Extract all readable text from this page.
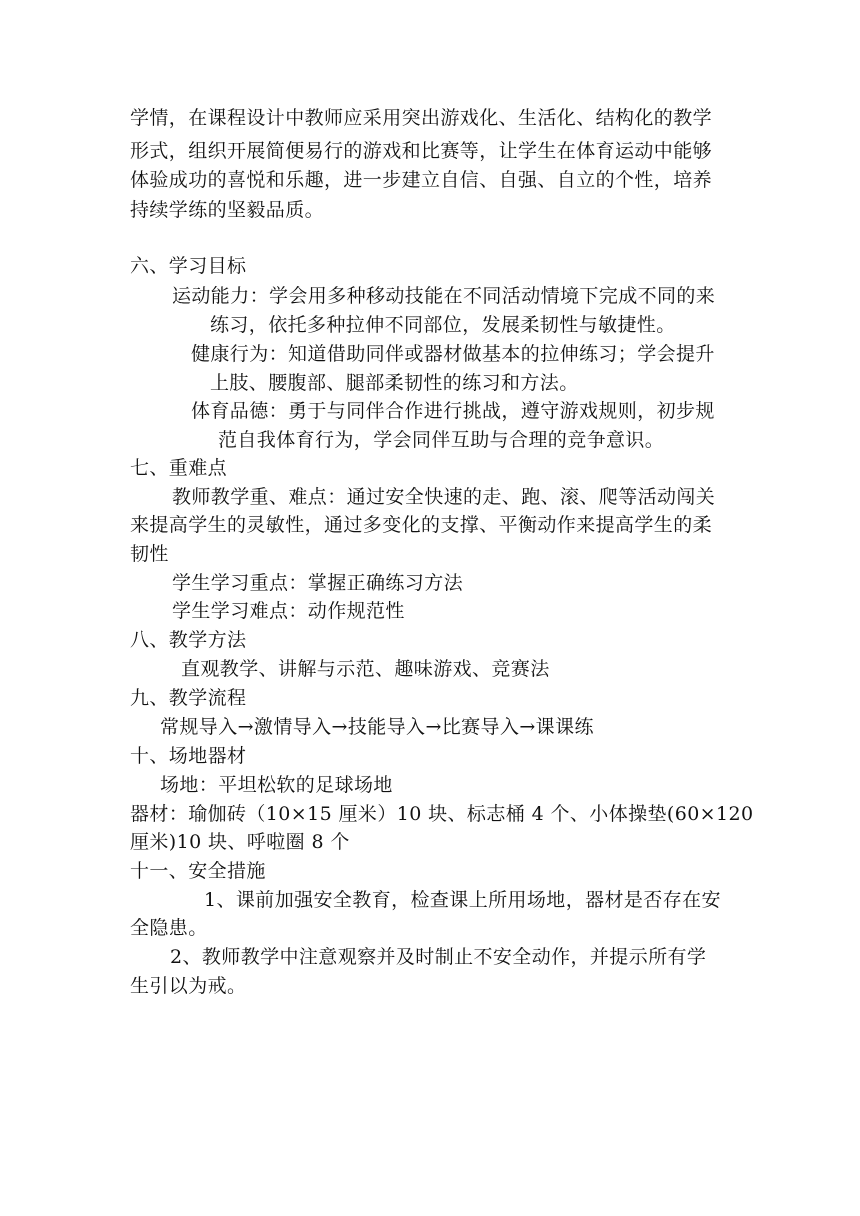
学情，在课程设计中教师应采用突出游戏化、生活化、结构化的教学
形式，组织开展简便易行的游戏和比赛等，让学生在体育运动中能够
体验成功的喜悦和乐趣，进一步建立自信、自强、自立的个性，培养
持续学练的坚毅品质。
六、学习目标
运动能力：学会用多种移动技能在不同活动情境下完成不同的来
练习，依托多种拉伸不同部位，发展柔韧性与敏捷性。
健康行为：知道借助同伴或器材做基本的拉伸练习；学会提升
上肢、腰腹部、腿部柔韧性的练习和方法。
体育品德：勇于与同伴合作进行挑战，遵守游戏规则，初步规
范自我体育行为，学会同伴互助与合理的竞争意识。
七、重难点
教师教学重、难点：通过安全快速的走、跑、滚、爬等活动闯关
来提高学生的灵敏性，通过多变化的支撑、平衡动作来提高学生的柔
韧性
学生学习重点：掌握正确练习方法
学生学习难点：动作规范性
八、教学方法
直观教学、讲解与示范、趣味游戏、竞赛法
九、教学流程
常规导入→激情导入→技能导入→比赛导入→课课练
十、场地器材
场地：平坦松软的足球场地
器材：瑜伽砖（10×15 厘米）10 块、标志桶 4 个、小体操垫(60×120
厘米)10 块、呼啦圈 8 个
十一、安全措施
1、课前加强安全教育，检查课上所用场地，器材是否存在安
全隐患。
2、教师教学中注意观察并及时制止不安全动作，并提示所有学
生引以为戒。
